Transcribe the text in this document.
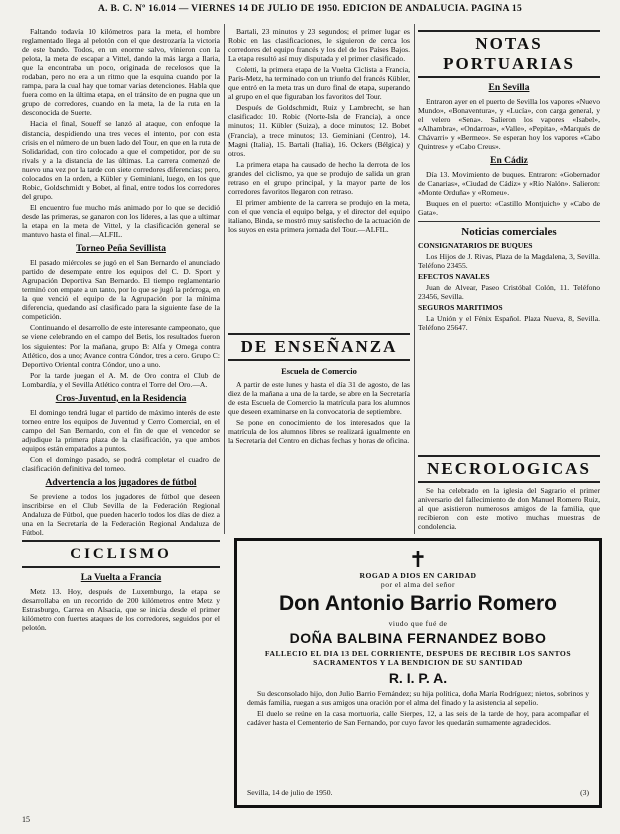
A. B. C. Nº 16.014 — VIERNES 14 DE JULIO DE 1950. EDICION DE ANDALUCIA. PAGINA 15

Faltando todavía 10 kilómetros para la meta, el hombre reglamentado llega al pelotón con el que destrozaría la victoria de este bando. Todos, en un enorme salvo, vinieron con la pelota, la meta de escapar a Vittel, dando la más larga a Ilaria, que la encontraba un poco, originada de recelosos que la rodaban, pero no era a un ritmo que la esquina cuando por la rampa, para la cual hay que tomar varias detenciones. Habla que fuera como en la última etapa, en el tránsito de en pugna que un grupo de corredores, cuando en la meta, la de la ruta en la desconocida de Suerte.

Hacia el final, Soueff se lanzó al ataque, con enfoque la distancia, despidiendo una tres veces el intento, por con esta crisis en el número de un buen lado del Tour, en que en la ruta de Solidaridad, con tiro colocado a que el competidor, por de su rivals y a la distancia de las últimas. La carrera comenzó de nuevo una vez por la tarde con siete corredores diferencias; pero, colocados en la orden, a Kübler y Geminiani, luego, en los que Robic, Goldschmidt y Bobet, al final, entre todos los corredores del grupo.

El encuentro fue mucho más animado por lo que se decidió desde las primeras, se ganaron con los líderes, a las que a ultimar la etapa en la meta de Vittel, y la clasificación general se mantuvo hasta el final.—ALFIL.

Torneo Peña Sevillista

El pasado miércoles se jugó en el San Bernardo el anunciado partido de desempate entre los equipos del C. D. Sport y Agrupación Deportiva San Bernardo. El tiempo reglamentario terminó con empate a un tanto, por lo que se jugó la prórroga, en la que venció el equipo de la Agrupación por la mínima diferencia, quedando así clasificado para la siguiente fase de la competición.

Continuando el desarrollo de este interesante campeonato, que se viene celebrando en el campo del Betis, los resultados fueron los siguientes: Por la mañana, grupo B: Alfa y Omega contra Atlético, dos a uno; Avance contra Cóndor, tres a cero. Grupo C: Deportivo Oriental contra Cóndor, uno a uno.

Por la tarde juegan el A. M. de Oro contra el Club de Lombardía, y el Sevilla Atlético contra el Torre del Oro.—A.

Cros-Juventud, en la Residencia

El domingo tendrá lugar el partido de máximo interés de este torneo entre los equipos de Juventud y Cerro Comercial, en el campo del San Bernardo, con el fin de que el vencedor se adjudique la primera plaza de la clasificación, ya que ambos equipos están empatados a puntos.

Con el domingo pasado, se podrá completar el cuadro de clasificación definitiva del torneo.

Advertencia a los jugadores de fútbol

Se previene a todos los jugadores de fútbol que deseen inscribirse en el Club Sevilla de la Federación Regional Andaluza de Fútbol, que pueden hacerlo todos los días de diez a una en la Secretaría de la Federación Regional Andaluza de Fútbol.

CICLISMO
La Vuelta a Francia

Metz 13. Hoy, después de Luxemburgo, la etapa se desarrollaba en un recorrido de 200 kilómetros entre Metz y Estrasburgo, Carrea en Alsacia, que se inicia desde el primer kilómetro con fuertes ataques de los corredores, seguidos por el pelotón.

Bartali, 23 minutos y 23 segundos; el primer lugar es Robic en las clasificaciones, le siguieron de cerca los corredores del equipo francés y los del de los Países Bajos. La etapa resultó así muy disputada y el primer clasificado.

Coletti, la primera etapa de la Vuelta Ciclista a Francia, París-Metz, ha terminado con un triunfo del francés Kübler, que entró en la meta tras un duro final de etapa, superando al grupo en el que figuraban los favoritos del Tour.

Después de Goldschmidt, Ruiz y Lambrecht, se han clasificado: 10. Robic (Norte-Isla de Francia), a once minutos; 11. Kübler (Suiza), a doce minutos; 12. Bobet (Francia), a trece minutos; 13. Geminiani (Centro), 14. Magni (Italia), 15. Bartali (Italia), 16. Ockers (Bélgica) y otros.

La primera etapa ha causado de hecho la derrota de los grandes del ciclismo, ya que se produjo de salida un gran retraso en el grupo principal, y la mayor parte de los corredores favoritos llegaron con retraso.

El primer ambiente de la carrera se produjo en la meta, con el que vencía el equipo belga, y el director del equipo italiano, Binda, se mostró muy satisfecho de la actuación de los suyos en esta primera jornada del Tour.—ALFIL.

DE ENSEÑANZA
Escuela de Comercio

A partir de este lunes y hasta el día 31 de agosto, de las diez de la mañana a una de la tarde, se abre en la Secretaría de esta Escuela de Comercio la matrícula para los alumnos que deseen examinarse en la convocatoria de septiembre.

Se pone en conocimiento de los interesados que la matrícula de los alumnos libres se realizará igualmente en la Secretaría del Centro en dichas fechas y horas de oficina.

NOTAS PORTUARIAS
En Sevilla

Entraron ayer en el puerto de Sevilla los vapores «Nuevo Mundo», «Bonaventura», y «Lucía», con carga general, y el velero «Sena». Salieron los vapores «Isabel», «Alhambra», «Ondarroa», «Valle», «Pepita», «Marqués de Chávarri» y «Bermeo». Se esperan hoy los vapores «Cabo Quintres» y «Cabo Creus».

En Cádiz

Día 13. Movimiento de buques. Entraron: «Gobernador de Canarias», «Ciudad de Cádiz» y «Río Nalón». Salieron: «Monte Orduña» y «Romeu».

Buques en el puerto: «Castillo Montjuich» y «Cabo de Gata».

Noticias comerciales

CONSIGNATARIOS DE BUQUES

Los Hijos de J. Rivas, Plaza de la Magdalena, 3, Sevilla. Teléfono 23455.

EFECTOS NAVALES

Juan de Alvear, Paseo Cristóbal Colón, 11. Teléfono 23456, Sevilla.

SEGUROS MARITIMOS

La Unión y el Fénix Español. Plaza Nueva, 8, Sevilla. Teléfono 25647.

NECROLOGICAS

Se ha celebrado en la iglesia del Sagrario el primer aniversario del fallecimiento de don Manuel Romero Ruiz, al que asistieron numerosos amigos de la familia, que recibieron con este motivo muchas muestras de condolencia.

✝
ROGAD A DIOS EN CARIDAD
por el alma del señor
Don Antonio Barrio Romero
viudo que fué de
DOÑA BALBINA FERNANDEZ BOBO
FALLECIO EL DIA 13 DEL CORRIENTE, DESPUES DE RECIBIR LOS SANTOS SACRAMENTOS Y LA BENDICION DE SU SANTIDAD
R. I. P. A.

Su desconsolado hijo, don Julio Barrio Fernández; su hija política, doña María Rodríguez; nietos, sobrinos y demás familia, ruegan a sus amigos una oración por el alma del finado y la asistencia al sepelio.

El duelo se reúne en la casa mortuoria, calle Sierpes, 12, a las seis de la tarde de hoy, para acompañar el cadáver hasta el Cementerio de San Fernando, por cuyo favor les quedarán sumamente agradecidos.

Sevilla, 14 de julio de 1950.	(3)
15
